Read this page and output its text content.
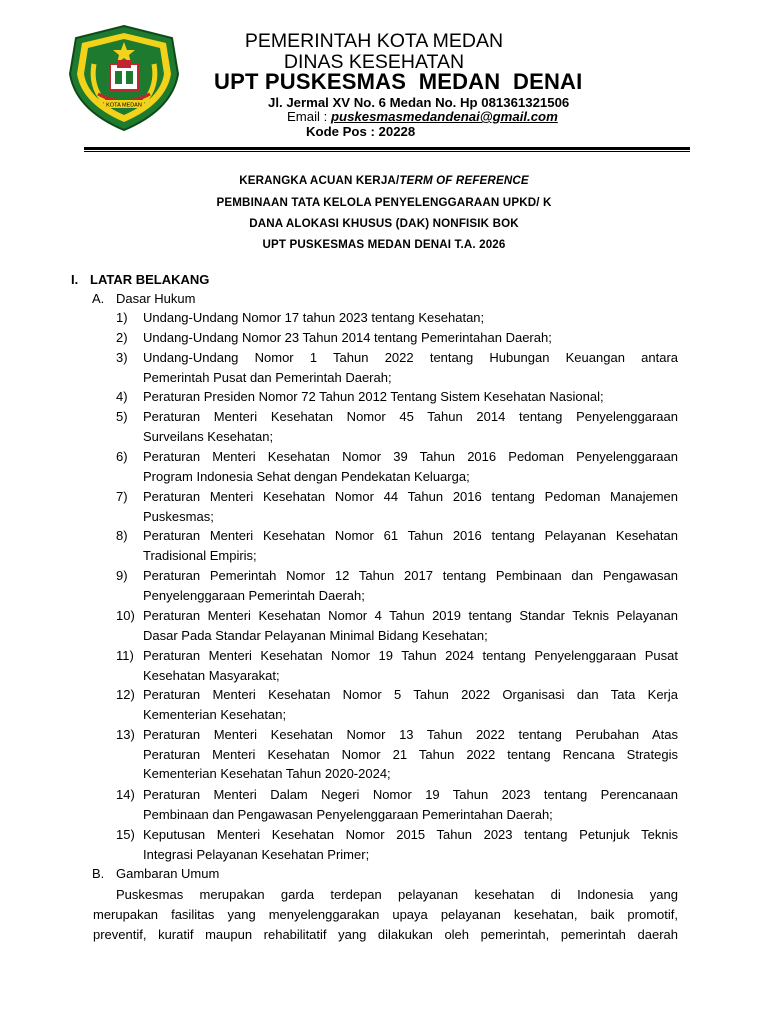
KOTA MEDAN
PEMERINTAH KOTA MEDAN
DINAS KESEHATAN
UPT PUSKESMAS  MEDAN  DENAI
Jl. Jermal XV No. 6 Medan No. Hp 081361321506
Email : puskesmasmedandenai@gmail.com
Kode Pos : 20228
KERANGKA ACUAN KERJA/TERM OF REFERENCE
PEMBINAAN TATA KELOLA PENYELENGGARAAN UPKD/ K
DANA ALOKASI KHUSUS (DAK) NONFISIK BOK
UPT PUSKESMAS MEDAN DENAI T.A. 2026
I. LATAR BELAKANG
A. Dasar Hukum
1)	Undang-Undang Nomor 17 tahun 2023 tentang Kesehatan;
2)	Undang-Undang Nomor 23 Tahun 2014 tentang Pemerintahan Daerah;
3)	Undang-Undang Nomor 1 Tahun 2022 tentang Hubungan Keuangan antara
Pemerintah Pusat dan Pemerintah Daerah;
4)	Peraturan Presiden Nomor 72 Tahun 2012 Tentang Sistem Kesehatan Nasional;
5)	Peraturan Menteri Kesehatan Nomor 45 Tahun 2014 tentang Penyelenggaraan
Surveilans Kesehatan;
6)	Peraturan Menteri Kesehatan Nomor 39 Tahun 2016 Pedoman Penyelenggaraan
Program Indonesia Sehat dengan Pendekatan Keluarga;
7)	Peraturan Menteri Kesehatan Nomor 44 Tahun 2016 tentang Pedoman Manajemen
Puskesmas;
8)	Peraturan Menteri Kesehatan Nomor 61 Tahun 2016 tentang Pelayanan Kesehatan
Tradisional Empiris;
9)	Peraturan Pemerintah Nomor 12 Tahun 2017 tentang Pembinaan dan Pengawasan
Penyelenggaraan Pemerintah Daerah;
10) Peraturan Menteri Kesehatan Nomor 4 Tahun 2019 tentang Standar Teknis Pelayanan
Dasar Pada Standar Pelayanan Minimal Bidang Kesehatan;
11) Peraturan Menteri Kesehatan Nomor 19 Tahun 2024 tentang Penyelenggaraan Pusat
Kesehatan Masyarakat;
12) Peraturan Menteri Kesehatan Nomor 5 Tahun 2022 Organisasi dan Tata Kerja
Kementerian Kesehatan;
13) Peraturan Menteri Kesehatan Nomor 13 Tahun 2022 tentang Perubahan Atas
Peraturan Menteri Kesehatan Nomor 21 Tahun 2022 tentang Rencana Strategis
Kementerian Kesehatan Tahun 2020-2024;
14) Peraturan Menteri Dalam Negeri Nomor 19 Tahun 2023 tentang Perencanaan
Pembinaan dan Pengawasan Penyelenggaraan Pemerintahan Daerah;
15) Keputusan Menteri Kesehatan Nomor 2015 Tahun 2023 tentang Petunjuk Teknis
Integrasi Pelayanan Kesehatan Primer;
B. Gambaran Umum
Puskesmas merupakan garda terdepan pelayanan kesehatan di Indonesia yang
merupakan fasilitas yang menyelenggarakan upaya pelayanan kesehatan, baik promotif,
preventif, kuratif maupun rehabilitatif yang dilakukan oleh pemerintah, pemerintah daerah
